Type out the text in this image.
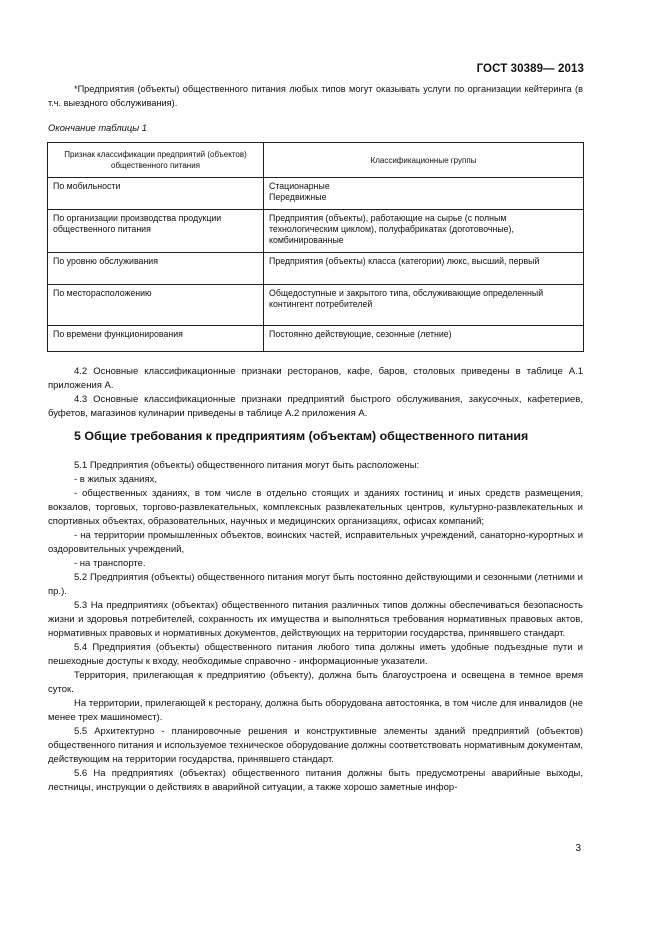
ГОСТ 30389— 2013

*Предприятия (объекты) общественного питания любых типов могут оказывать услуги по организации кейтеринга (в т.ч. выездного обслуживания).

Окончание таблицы 1
Признак классификации предприятий (объектов) общественного питания	Классификационные группы
По мобильности	Стационарные
Передвижные
По организации производства продукции общественного питания	Предприятия (объекты), работающие на сырье (с полным технологическим циклом), полуфабрикатах (доготовочные), комбинированные
По уровню обслуживания	Предприятия (объекты) класса (категории) люкс, высший, первый
По месторасположению	Общедоступные и закрытого типа, обслуживающие определенный контингент потребителей
По времени функционирования	Постоянно действующие, сезонные (летние)

4.2 Основные классификационные признаки ресторанов, кафе, баров, столовых приведены в таблице А.1 приложения А.

4.3 Основные классификационные признаки предприятий быстрого обслуживания, закусочных, кафетериев, буфетов, магазинов кулинарии приведены в таблице А.2 приложения А.

5 Общие требования к предприятиям (объектам) общественного питания

5.1 Предприятия (объекты) общественного питания могут быть расположены:

- в жилых зданиях,

- общественных зданиях, в том числе в отдельно стоящих и зданиях гостиниц и иных средств размещения, вокзалов, торговых, торгово-развлекательных, комплексных развлекательных центров, культурно-развлекательных и спортивных объектах, образовательных, научных и медицинских организациях, офисах компаний;

- на территории промышленных объектов, воинских частей, исправительных учреждений, санаторно-курортных и оздоровительных учреждений,

- на транспорте.

5.2 Предприятия (объекты) общественного питания могут быть постоянно действующими и сезонными (летними и пр.).

5.3 На предприятиях (объектах) общественного питания различных типов должны обеспечиваться безопасность жизни и здоровья потребителей, сохранность их имущества и выполняться требования нормативных правовых актов, нормативных правовых и нормативных документов, действующих на территории государства, принявшего стандарт.

5.4 Предприятия (объекты) общественного питания любого типа должны иметь удобные подъездные пути и пешеходные доступы к входу, необходимые справочно - информационные указатели.

Территория, прилегающая к предприятию (объекту), должна быть благоустроена и освещена в темное время суток.

На территории, прилегающей к ресторану, должна быть оборудована автостоянка, в том числе для инвалидов (не менее трех машиномест).

5.5 Архитектурно - планировочные решения и конструктивные элементы зданий предприятий (объектов) общественного питания и используемое техническое оборудование должны соответствовать нормативным документам, действующим на территории государства, принявшего стандарт.

5.6 На предприятиях (объектах) общественного питания должны быть предусмотрены аварийные выходы, лестницы, инструкции о действиях в аварийной ситуации, а также хорошо заметные инфор-

3
